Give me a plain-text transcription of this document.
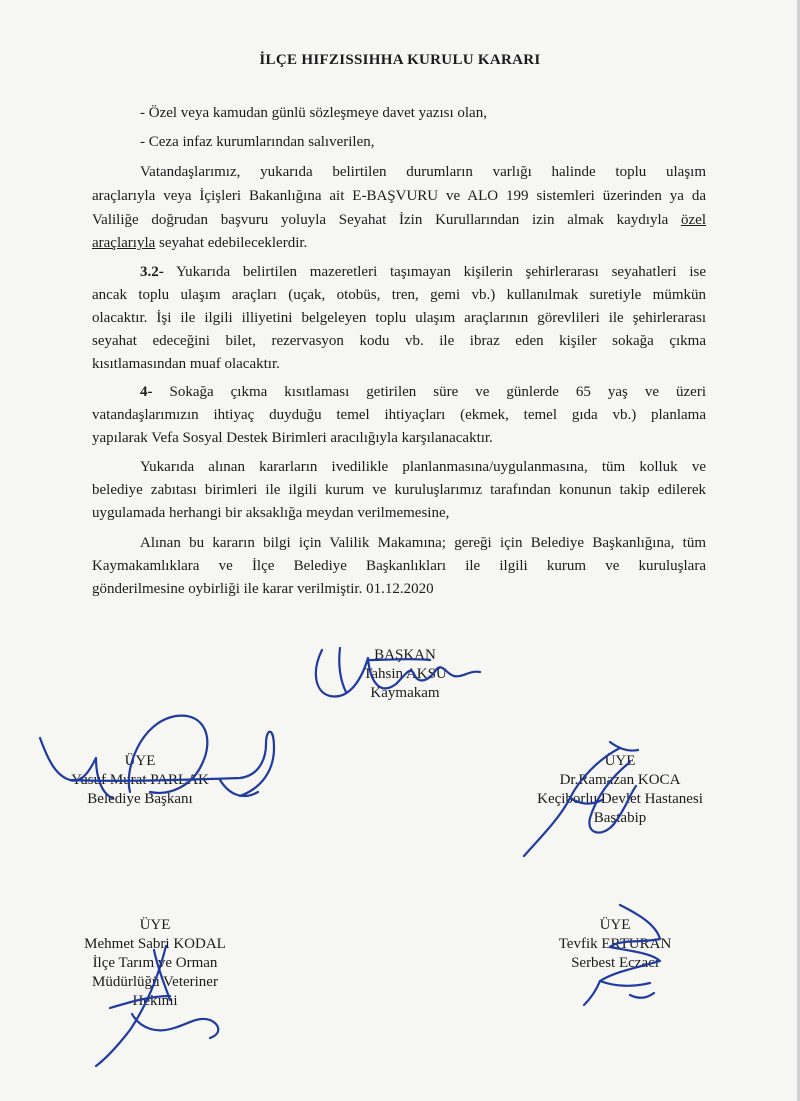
İLÇE HIFZISSIHHA KURULU KARARI
- Özel veya kamudan günlü sözleşmeye davet yazısı olan,
- Ceza infaz kurumlarından salıverilen,
Vatandaşlarımız, yukarıda belirtilen durumların varlığı halinde toplu ulaşım
araçlarıyla veya İçişleri Bakanlığına ait E-BAŞVURU ve ALO 199 sistemleri üzerinden ya da
Valiliğe doğrudan başvuru yoluyla Seyahat İzin Kurullarından izin almak kaydıyla özel
araçlarıyla seyahat edebileceklerdir.
3.2- Yukarıda belirtilen mazeretleri taşımayan kişilerin şehirlerarası seyahatleri ise
ancak toplu ulaşım araçları (uçak, otobüs, tren, gemi vb.) kullanılmak suretiyle mümkün
olacaktır. İşi ile ilgili illiyetini belgeleyen toplu ulaşım araçlarının görevlileri ile şehirlerarası
seyahat edeceğini bilet, rezervasyon kodu vb. ile ibraz eden kişiler sokağa çıkma
kısıtlamasından muaf olacaktır.
4- Sokağa çıkma kısıtlaması getirilen süre ve günlerde 65 yaş ve üzeri
vatandaşlarımızın ihtiyaç duyduğu temel ihtiyaçları (ekmek, temel gıda vb.) planlama
yapılarak Vefa Sosyal Destek Birimleri aracılığıyla karşılanacaktır.
Yukarıda alınan kararların ivedilikle planlanmasına/uygulanmasına, tüm kolluk ve
belediye zabıtası birimleri ile ilgili kurum ve kuruluşlarımız tarafından konunun takip edilerek
uygulamada herhangi bir aksaklığa meydan verilmemesine,
Alınan bu kararın bilgi için Valilik Makamına; gereği için Belediye Başkanlığına, tüm
Kaymakamlıklara ve İlçe Belediye Başkanlıkları ile ilgili kurum ve kuruluşlara
gönderilmesine oybirliği ile karar verilmiştir. 01.12.2020
BAŞKAN
Tahsin AKSU
Kaymakam
ÜYE
Yusuf Murat PARLAK
Belediye Başkanı
ÜYE
Dr.Ramazan KOCA
Keçiborlu Devlet Hastanesi
Baştabip
ÜYE
Mehmet Sabri KODAL
İlçe Tarım ve Orman
Müdürlüğü Veteriner
Hekimi
ÜYE
Tevfik ERTURAN
Serbest Eczacı
